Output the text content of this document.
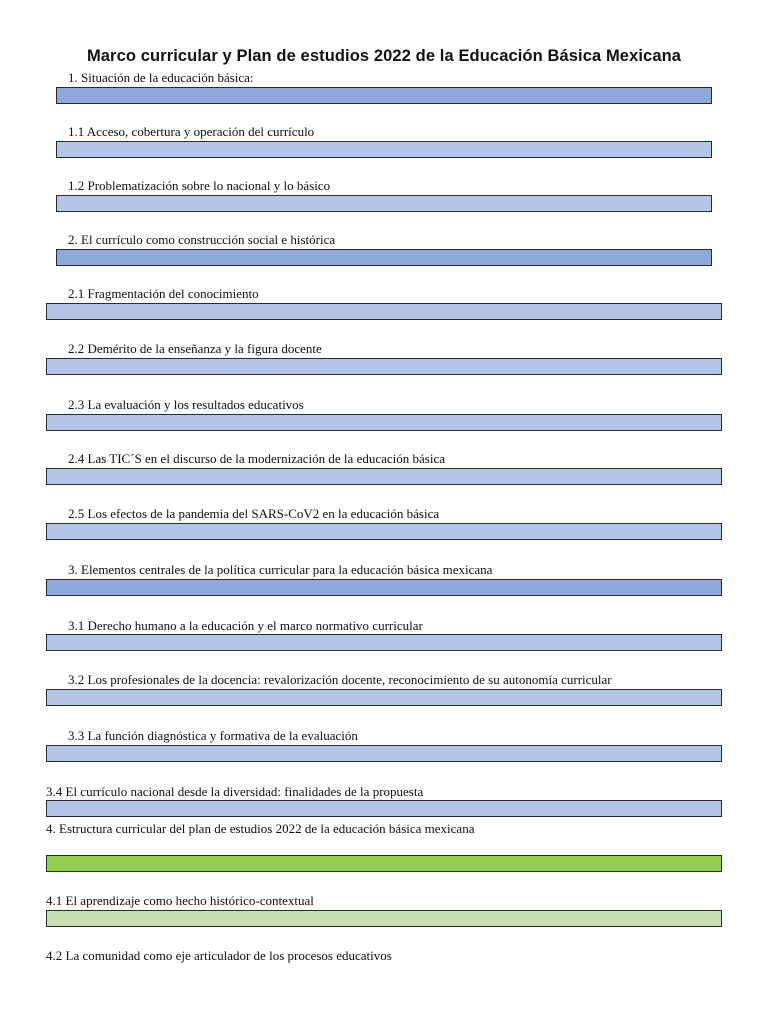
Marco curricular y Plan de estudios 2022 de la Educación Básica Mexicana
1. Situación de la educación básica:
1.1 Acceso, cobertura y operación del currículo
1.2 Problematización sobre lo nacional y lo básico
2. El currículo como construcción social e histórica
2.1 Fragmentación del conocimiento
2.2 Demérito de la enseñanza y la figura docente
2.3 La evaluación y los resultados educativos
2.4 Las TIC´S en el discurso de la modernización de la educación básica
2.5 Los efectos de la pandemia del SARS-CoV2 en la educación básica
3. Elementos centrales de la política curricular para la educación básica mexicana
3.1 Derecho humano a la educación y el marco normativo curricular
3.2 Los profesionales de la docencia: revalorización docente, reconocimiento de su autonomía curricular
3.3 La función diagnóstica y formativa de la evaluación
3.4 El currículo nacional desde la diversidad: finalidades de la propuesta
4. Estructura curricular del plan de estudios 2022 de la educación básica mexicana
4.1 El aprendizaje como hecho histórico-contextual
4.2 La comunidad como eje articulador de los procesos educativos
